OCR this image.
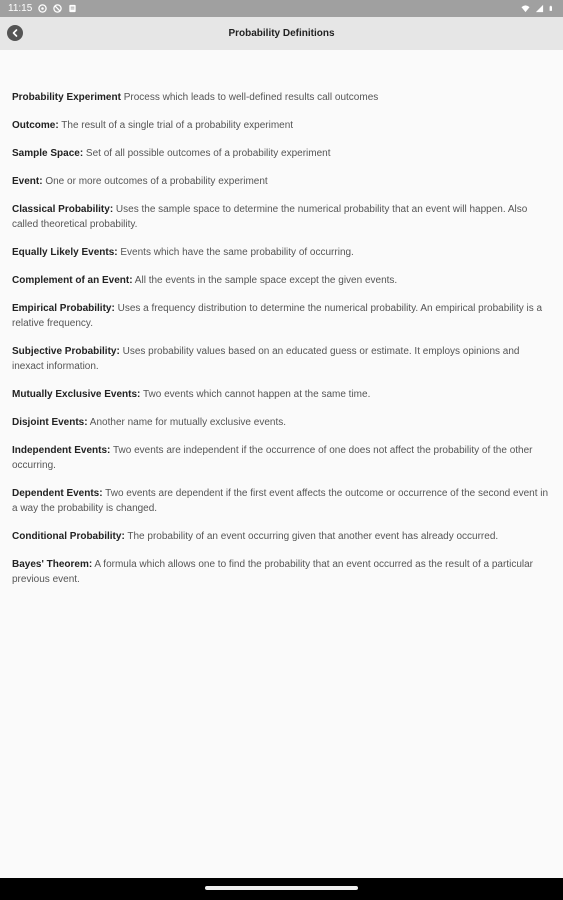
11:15
Probability Definitions

Probability Experiment Process which leads to well-defined results call outcomes

Outcome: The result of a single trial of a probability experiment

Sample Space: Set of all possible outcomes of a probability experiment

Event: One or more outcomes of a probability experiment

Classical Probability: Uses the sample space to determine the numerical probability that an event will happen. Also called theoretical probability.

Equally Likely Events: Events which have the same probability of occurring.

Complement of an Event: All the events in the sample space except the given events.

Empirical Probability: Uses a frequency distribution to determine the numerical probability. An empirical probability is a relative frequency.

Subjective Probability: Uses probability values based on an educated guess or estimate. It employs opinions and inexact information.

Mutually Exclusive Events: Two events which cannot happen at the same time.

Disjoint Events: Another name for mutually exclusive events.

Independent Events: Two events are independent if the occurrence of one does not affect the probability of the other occurring.

Dependent Events: Two events are dependent if the first event affects the outcome or occurrence of the second event in a way the probability is changed.

Conditional Probability: The probability of an event occurring given that another event has already occurred.

Bayes' Theorem: A formula which allows one to find the probability that an event occurred as the result of a particular previous event.
